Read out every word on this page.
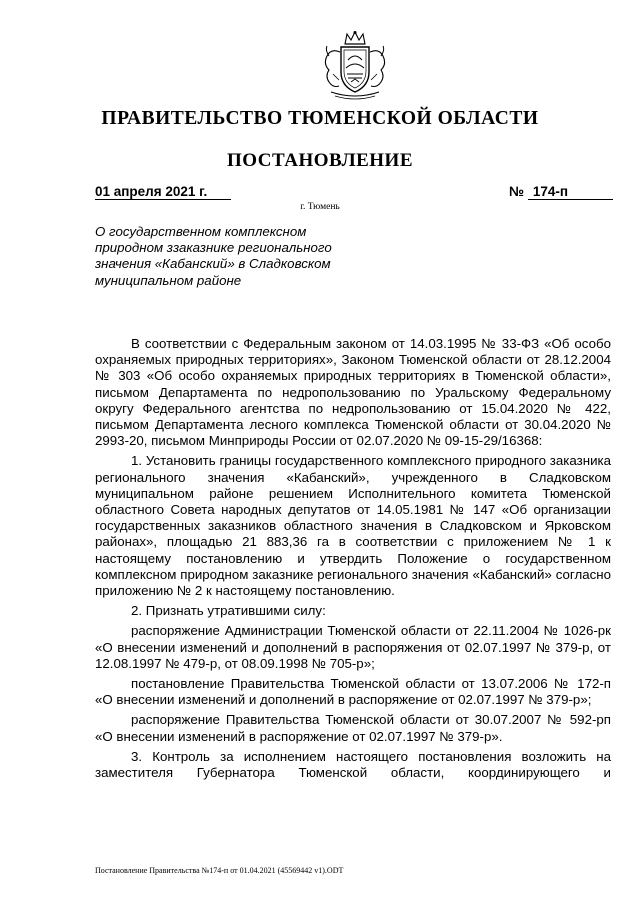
ПРАВИТЕЛЬСТВО ТЮМЕНСКОЙ ОБЛАСТИ
ПОСТАНОВЛЕНИЕ
01 апреля 2021 г.	№ 174-п
г. Тюмень
О государственном комплексном природном ззаказнике регионального значения «Кабанский» в Сладковском муниципальном районе

В соответствии с Федеральным законом от 14.03.1995 № 33-ФЗ «Об особо охраняемых природных территориях», Законом Тюменской области от 28.12.2004 № 303 «Об особо охраняемых природных территориях в Тюменской области», письмом Департамента по недропользованию по Уральскому Федеральному округу Федерального агентства по недропользованию от 15.04.2020 № 422, письмом Департамента лесного комплекса Тюменской области от 30.04.2020 № 2993-20, письмом Минприроды России от 02.07.2020 № 09-15-29/16368:

1. Установить границы государственного комплексного природного заказника регионального значения «Кабанский», учрежденного в Сладковском муниципальном районе решением Исполнительного комитета Тюменской областного Совета народных депутатов от 14.05.1981 № 147 «Об организации государственных заказников областного значения в Сладковском и Ярковском районах», площадью 21 883,36 га в соответствии с приложением № 1 к настоящему постановлению и утвердить Положение о государственном комплексном природном заказнике регионального значения «Кабанский» согласно приложению № 2 к настоящему постановлению.

2. Признать утратившими силу:

распоряжение Администрации Тюменской области от 22.11.2004 № 1026-рк «О внесении изменений и дополнений в распоряжения от 02.07.1997 № 379-р, от 12.08.1997 № 479-р, от 08.09.1998 № 705-р»;

постановление Правительства Тюменской области от 13.07.2006 № 172-п «О внесении изменений и дополнений в распоряжение от 02.07.1997 № 379-р»;

распоряжение Правительства Тюменской области от 30.07.2007 № 592-рп «О внесении изменений в распоряжение от 02.07.1997 № 379-р».

3. Контроль за исполнением настоящего постановления возложить на заместителя Губернатора Тюменской области, координирующего и

Постановление Правительства №174-п от 01.04.2021 (45569442 v1).ODT
